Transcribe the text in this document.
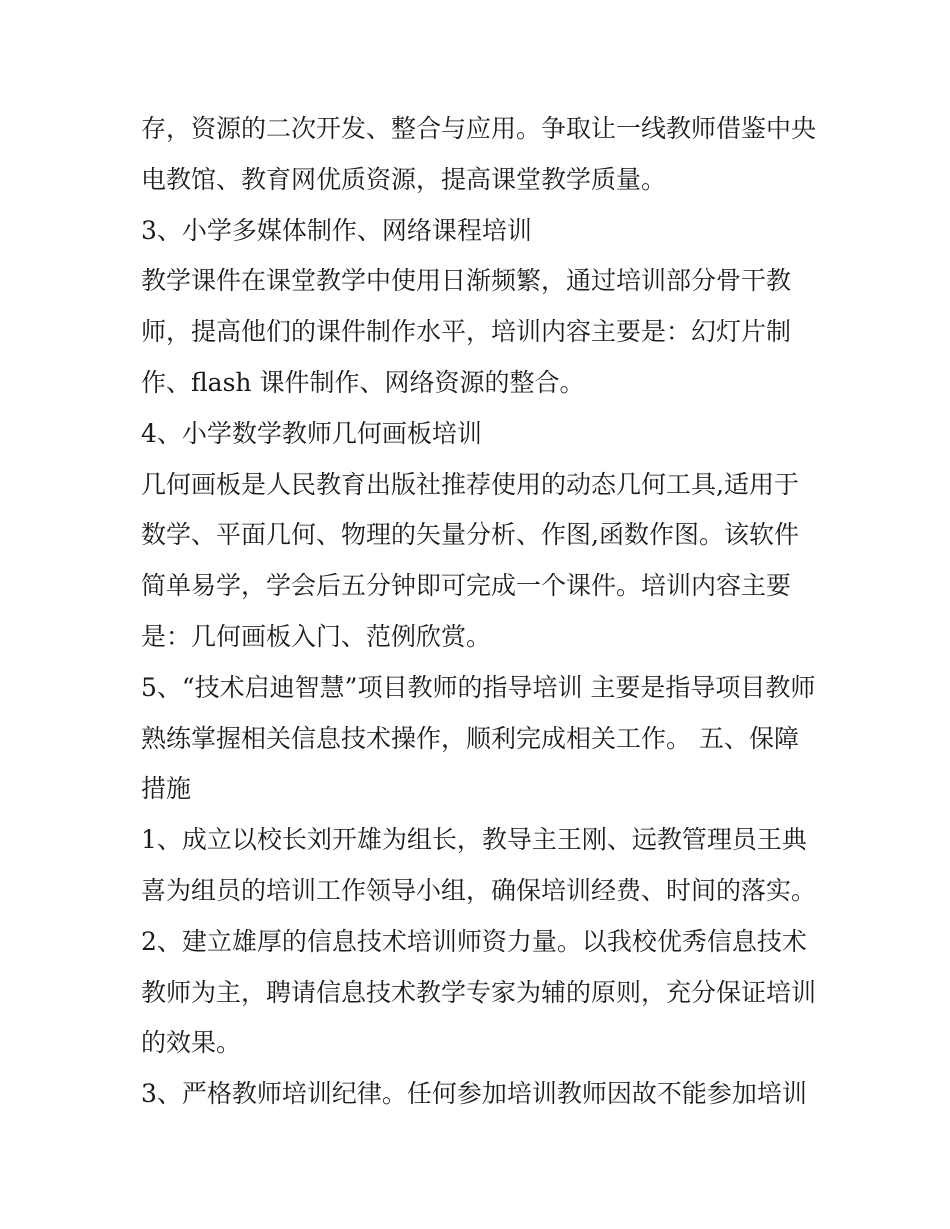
存，资源的二次开发、整合与应用。争取让一线教师借鉴中央
电教馆、教育网优质资源，提高课堂教学质量。
3、小学多媒体制作、网络课程培训
教学课件在课堂教学中使用日渐频繁，通过培训部分骨干教
师，提高他们的课件制作水平，培训内容主要是：幻灯片制
作、flash 课件制作、网络资源的整合。
4、小学数学教师几何画板培训
几何画板是人民教育出版社推荐使用的动态几何工具,适用于
数学、平面几何、物理的矢量分析、作图,函数作图。该软件
简单易学，学会后五分钟即可完成一个课件。培训内容主要
是：几何画板入门、范例欣赏。
5、“技术启迪智慧”项目教师的指导培训 主要是指导项目教师
熟练掌握相关信息技术操作，顺利完成相关工作。 五、保障
措施
1、成立以校长刘开雄为组长，教导主王刚、远教管理员王典
喜为组员的培训工作领导小组，确保培训经费、时间的落实。
2、建立雄厚的信息技术培训师资力量。以我校优秀信息技术
教师为主，聘请信息技术教学专家为辅的原则，充分保证培训
的效果。
3、严格教师培训纪律。任何参加培训教师因故不能参加培训
